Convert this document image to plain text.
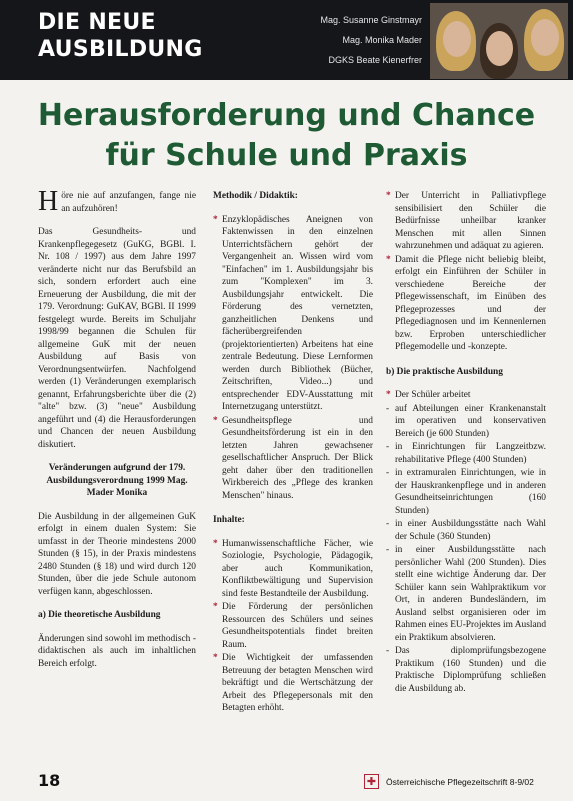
DIE NEUE
AUSBILDUNG
Mag. Susanne Ginstmayr
Mag. Monika Mader
DGKS Beate Kienerfrer
Herausforderung und Chance
für Schule und Praxis

Höre nie auf anzufangen, fange nie an aufzuhören!

Das Gesundheits- und Krankenpflegegesetz (GuKG, BGBl. I. Nr. 108 / 1997) aus dem Jahre 1997 veränderte nicht nur das Berufsbild an sich, sondern erfordert auch eine Erneuerung der Ausbildung, die mit der 179. Verordnung: GuKAV, BGBl. II 1999 festgelegt wurde. Bereits im Schuljahr 1998/99 begannen die Schulen für allgemeine GuK mit der neuen Ausbildung auf Basis von Verordnungsentwürfen. Nachfolgend werden (1) Veränderungen exemplarisch genannt, Erfahrungsberichte über die (2) "alte" bzw. (3) "neue" Ausbildung angeführt und (4) die Herausforderungen und Chancen der neuen Ausbildung diskutiert.

Veränderungen aufgrund der 179. Ausbildungsverordnung 1999 Mag. Mader Monika

Die Ausbildung in der allgemeinen GuK erfolgt in einem dualen System: Sie umfasst in der Theorie mindestens 2000 Stunden (§ 15), in der Praxis mindestens 2480 Stunden (§ 18) und wird durch 120 Stunden, über die jede Schule autonom verfügen kann, abgeschlossen.

a) Die theoretische Ausbildung

Änderungen sind sowohl im methodisch - didaktischen als auch im inhaltlichen Bereich erfolgt.

Methodik / Didaktik:

* Enzyklopädisches Aneignen von Faktenwissen in den einzelnen Unterrichtsfächern gehört der Vergangenheit an. Wissen wird vom "Einfachen" im 1. Ausbildungsjahr bis zum "Komplexen" im 3. Ausbildungsjahr entwickelt. Die Förderung des vernetzten, ganzheitlichen Denkens und fächerübergreifenden (projektorientierten) Arbeitens hat eine zentrale Bedeutung. Diese Lernformen werden durch Bibliothek (Bücher, Zeitschriften, Video...) und entsprechender EDV-Ausstattung mit Internetzugang unterstützt.
* Gesundheitspflege und Gesundheitsförderung ist ein in den letzten Jahren gewachsener gesellschaftlicher Anspruch. Der Blick geht daher über den traditionellen Wirkbereich des „Pflege des kranken Menschen" hinaus.

Inhalte:

* Humanwissenschaftliche Fächer, wie Soziologie, Psychologie, Pädagogik, aber auch Kommunikation, Konfliktbewältigung und Supervision sind feste Bestandteile der Ausbildung.
* Die Förderung der persönlichen Ressourcen des Schülers und seines Gesundheitspotentials findet breiten Raum.
* Die Wichtigkeit der umfassenden Betreuung der betagten Menschen wird bekräftigt und die Wertschätzung der Arbeit des Pflegepersonals mit den Betagten erhöht.
* Der Unterricht in Palliativpflege sensibilisiert den Schüler die Bedürfnisse unheilbar kranker Menschen mit allen Sinnen wahrzunehmen und adäquat zu agieren.
* Damit die Pflege nicht beliebig bleibt, erfolgt ein Einführen der Schüler in verschiedene Bereiche der Pflegewissenschaft, im Einüben des Pflegeprozesses und der Pflegediagnosen und im Kennenlernen bzw. Erproben unterschiedlicher Pflegemodelle und -konzepte.

b) Die praktische Ausbildung

* Der Schüler arbeitet
- auf Abteilungen einer Krankenanstalt im operativen und konservativen Bereich (je 600 Stunden)
- in Einrichtungen für Langzeitbzw. rehabilitative Pflege (400 Stunden)
- in extramuralen Einrichtungen, wie in der Hauskrankenpflege und in anderen Gesundheitseinrichtungen (160 Stunden)
- in einer Ausbildungsstätte nach Wahl der Schule (360 Stunden)
- in einer Ausbildungsstätte nach persönlicher Wahl (200 Stunden). Dies stellt eine wichtige Änderung dar. Der Schüler kann sein Wahlpraktikum vor Ort, in anderen Bundesländern, im Ausland selbst organisieren oder im Rahmen eines EU-Projektes im Ausland ein Praktikum absolvieren.
- Das diplomprüfungsbezogene Praktikum (160 Stunden) und die Praktische Diplomprüfung schließen die Ausbildung ab.
18	✚	Österreichische Pflegezeitschrift 8-9/02
